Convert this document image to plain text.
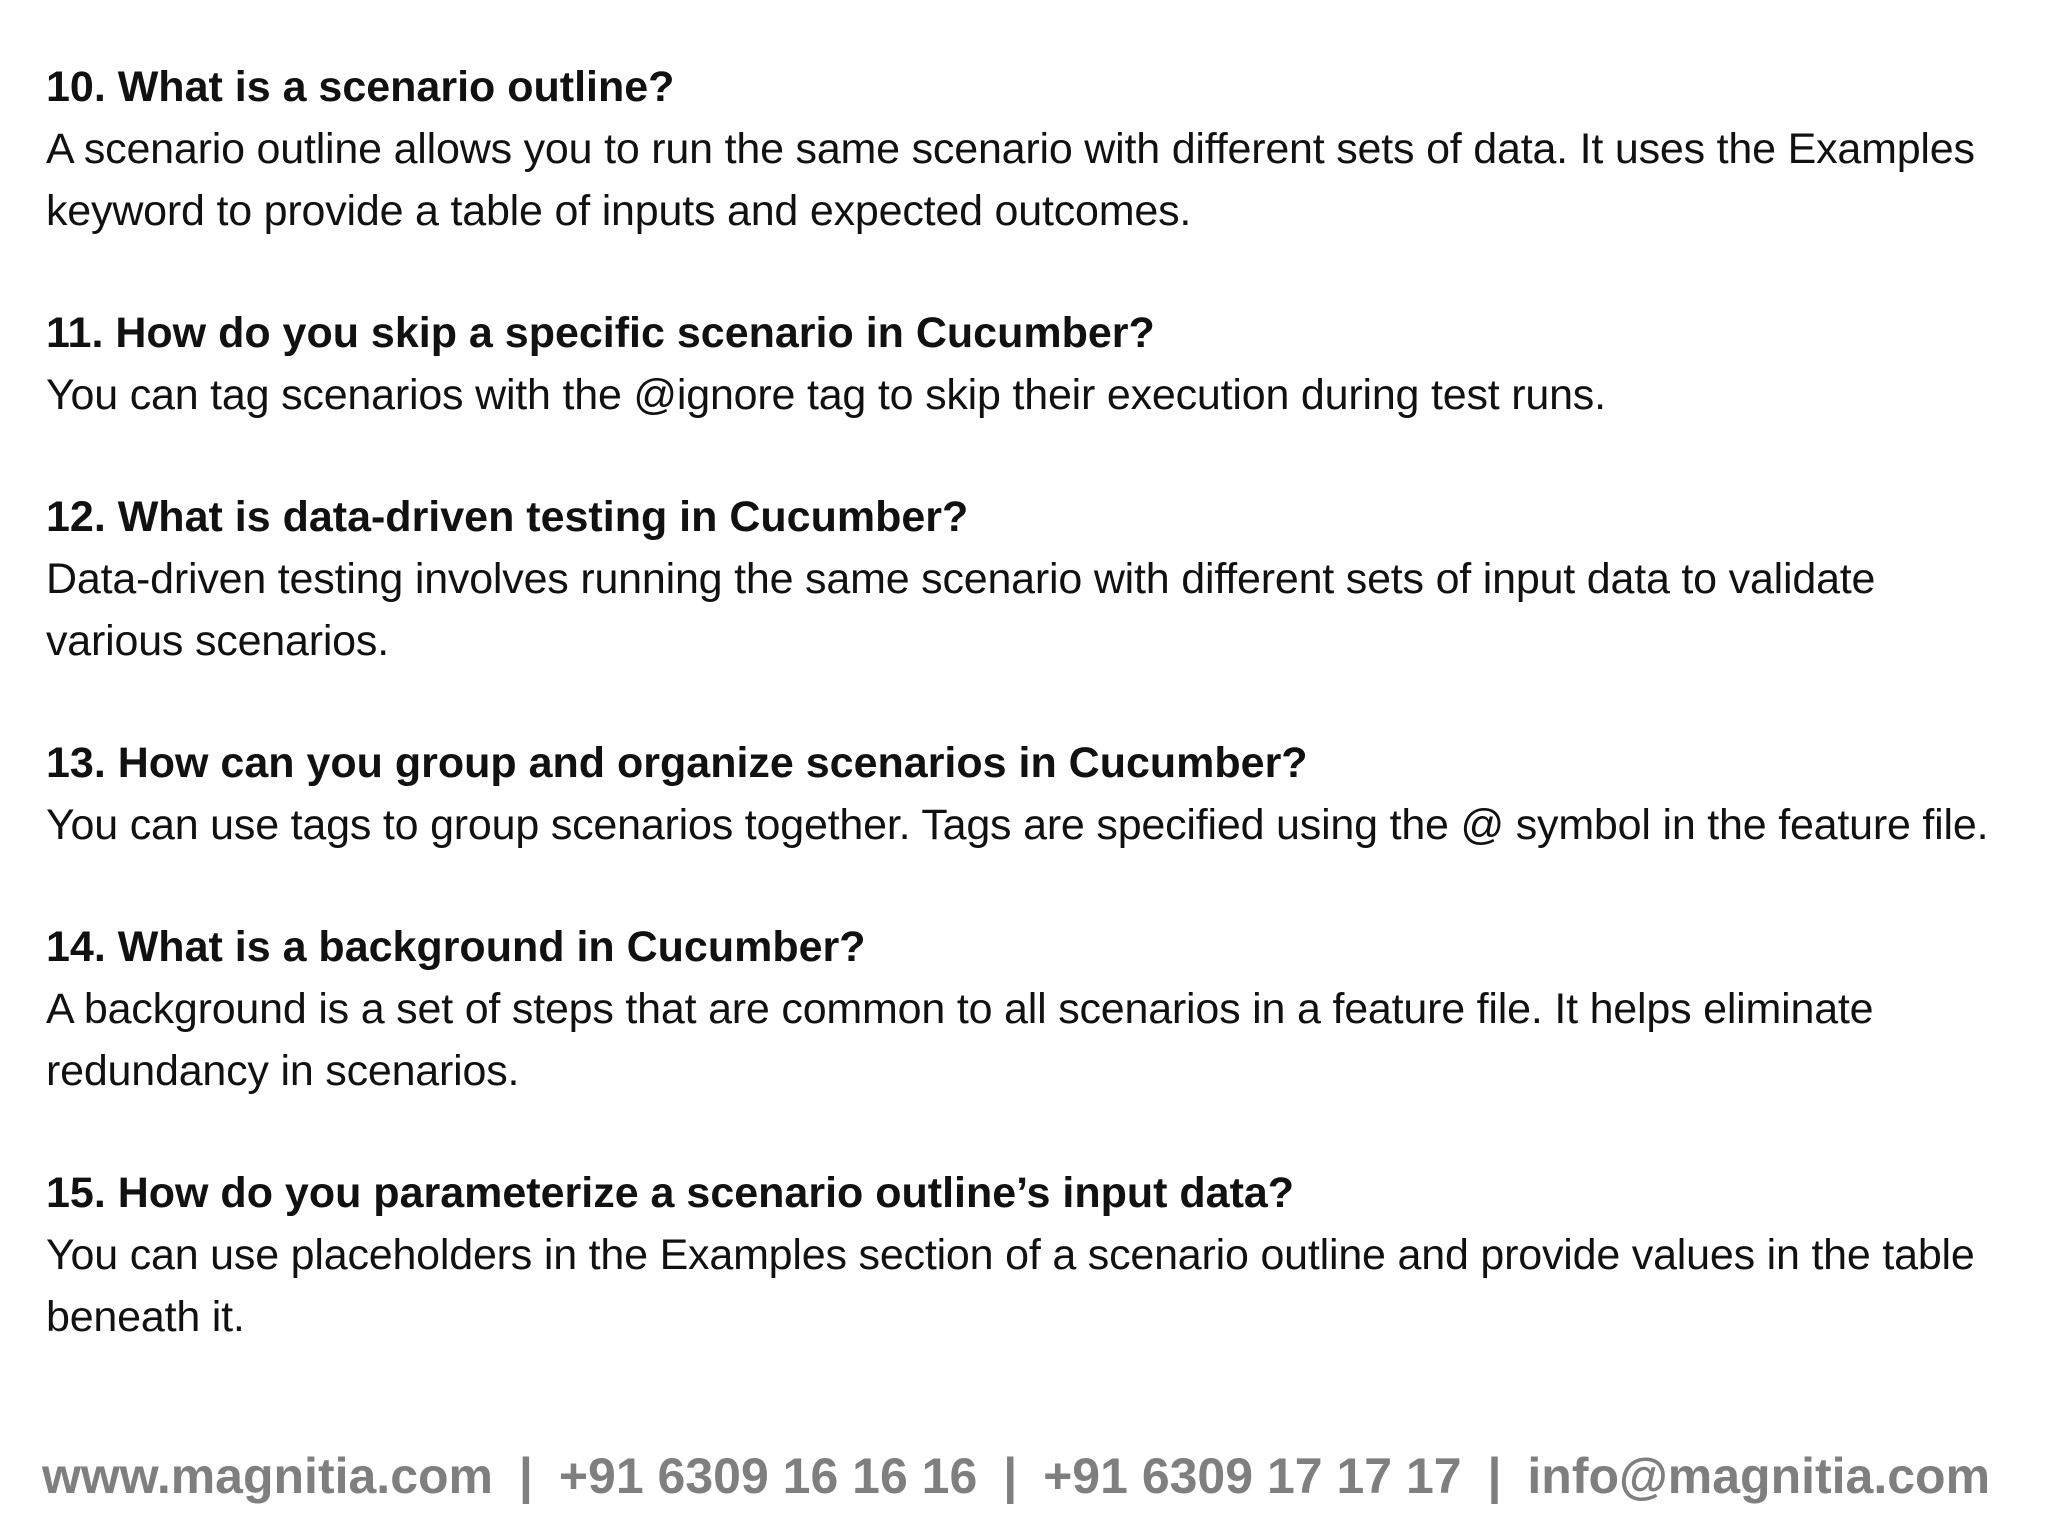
10. What is a scenario outline?

A scenario outline allows you to run the same scenario with different sets of data. It uses the Examples keyword to provide a table of inputs and expected outcomes.

11. How do you skip a specific scenario in Cucumber?

You can tag scenarios with the @ignore tag to skip their execution during test runs.

12. What is data-driven testing in Cucumber?

Data-driven testing involves running the same scenario with different sets of input data to validate various scenarios.

13. How can you group and organize scenarios in Cucumber?

You can use tags to group scenarios together. Tags are specified using the @ symbol in the feature file.

14. What is a background in Cucumber?

A background is a set of steps that are common to all scenarios in a feature file. It helps eliminate redundancy in scenarios.

15. How do you parameterize a scenario outline’s input data?

You can use placeholders in the Examples section of a scenario outline and provide values in the table beneath it.

www.magnitia.com | +91 6309 16 16 16 | +91 6309 17 17 17 | info@magnitia.com
